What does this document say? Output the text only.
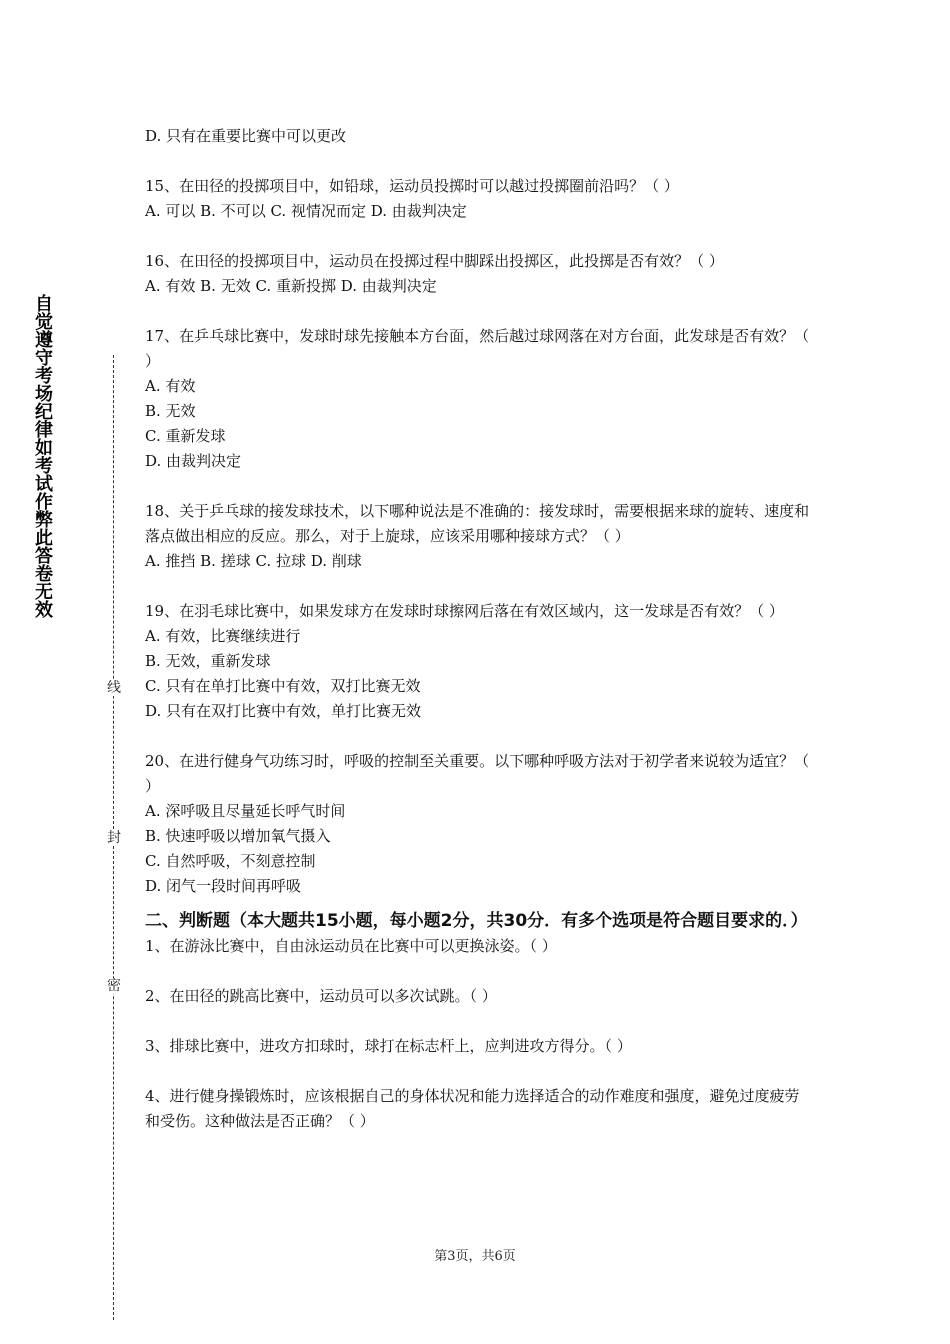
自觉遵守考场纪律如考试作弊此答卷无效
线
封
密
D. 只有在重要比赛中可以更改
15、在田径的投掷项目中，如铅球，运动员投掷时可以越过投掷圈前沿吗？（ ）
A. 可以 B. 不可以 C. 视情况而定 D. 由裁判决定
16、在田径的投掷项目中，运动员在投掷过程中脚踩出投掷区，此投掷是否有效？（ ）
A. 有效 B. 无效 C. 重新投掷 D. 由裁判决定
17、在乒乓球比赛中，发球时球先接触本方台面，然后越过球网落在对方台面，此发球是否有效？（ ）
A. 有效
B. 无效
C. 重新发球
D. 由裁判决定
18、关于乒乓球的接发球技术，以下哪种说法是不准确的：接发球时，需要根据来球的旋转、速度和落点做出相应的反应。那么，对于上旋球，应该采用哪种接球方式？（ ）
A. 推挡 B. 搓球 C. 拉球 D. 削球
19、在羽毛球比赛中，如果发球方在发球时球擦网后落在有效区域内，这一发球是否有效？（ ）
A. 有效，比赛继续进行
B. 无效，重新发球
C. 只有在单打比赛中有效，双打比赛无效
D. 只有在双打比赛中有效，单打比赛无效
20、在进行健身气功练习时，呼吸的控制至关重要。以下哪种呼吸方法对于初学者来说较为适宜？（ ）
A. 深呼吸且尽量延长呼气时间
B. 快速呼吸以增加氧气摄入
C. 自然呼吸，不刻意控制
D. 闭气一段时间再呼吸
二、判断题（本大题共15小题，每小题2分，共30分．有多个选项是符合题目要求的．）
1、在游泳比赛中，自由泳运动员在比赛中可以更换泳姿。（ ）
2、在田径的跳高比赛中，运动员可以多次试跳。（ ）
3、排球比赛中，进攻方扣球时，球打在标志杆上，应判进攻方得分。（ ）
4、进行健身操锻炼时，应该根据自己的身体状况和能力选择适合的动作难度和强度，避免过度疲劳和受伤。这种做法是否正确？（ ）
第3页，共6页
